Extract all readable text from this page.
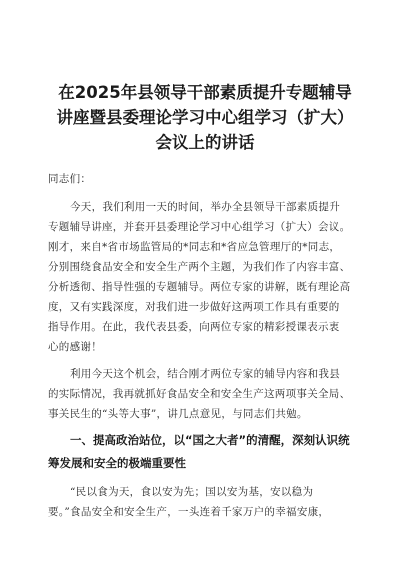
在2025年县领导干部素质提升专题辅导
讲座暨县委理论学习中心组学习（扩大）
会议上的讲话
同志们：
今天，我们利用一天的时间，举办全县领导干部素质提升
专题辅导讲座，并套开县委理论学习中心组学习（扩大）会议。
刚才，来自*省市场监管局的*同志和*省应急管理厅的*同志，
分别围绕食品安全和安全生产两个主题，为我们作了内容丰富、
分析透彻、指导性强的专题辅导。两位专家的讲解，既有理论高
度，又有实践深度，对我们进一步做好这两项工作具有重要的
指导作用。在此，我代表县委，向两位专家的精彩授课表示衷
心的感谢！
利用今天这个机会，结合刚才两位专家的辅导内容和我县
的实际情况，我再就抓好食品安全和安全生产这两项事关全局、
事关民生的“头等大事”，讲几点意见，与同志们共勉。
一、提高政治站位，以“国之大者”的清醒，深刻认识统
筹发展和安全的极端重要性
“民以食为天，食以安为先；国以安为基，安以稳为
要。”食品安全和安全生产，一头连着千家万户的幸福安康，
